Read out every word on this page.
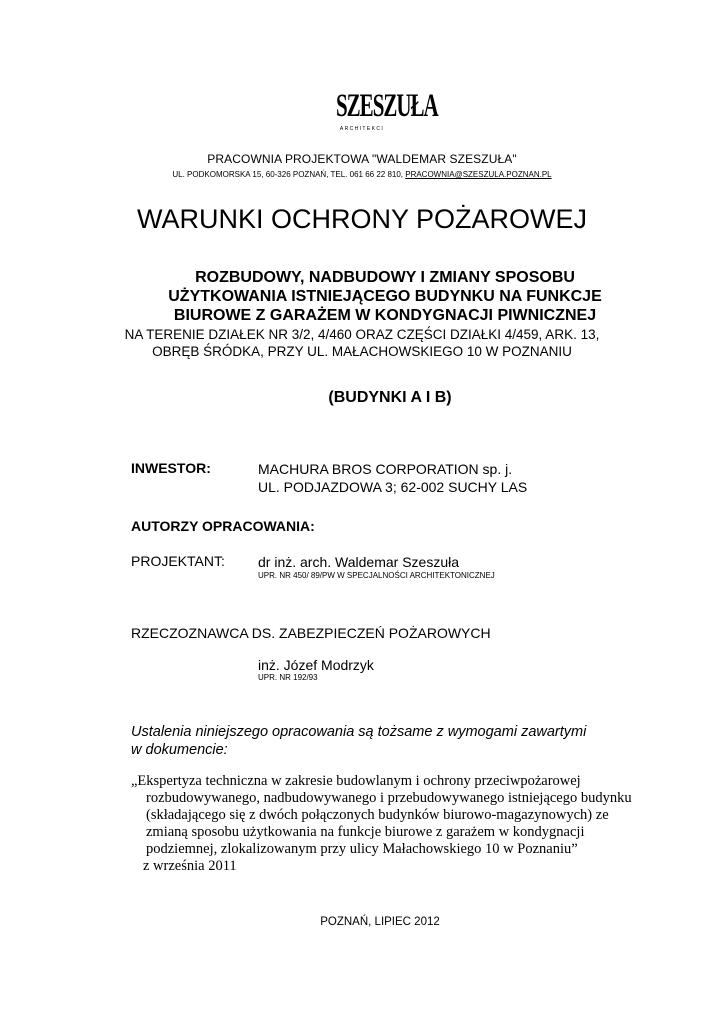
SZESZUŁA
ARCHITEKCI
PRACOWNIA PROJEKTOWA "WALDEMAR SZESZUŁA"
UL. PODKOMORSKA 15, 60-326 POZNAŃ, TEL. 061 66 22 810, PRACOWNIA@SZESZULA.POZNAN.PL
WARUNKI OCHRONY POŻAROWEJ
ROZBUDOWY, NADBUDOWY I ZMIANY SPOSOBU
UŻYTKOWANIA ISTNIEJĄCEGO BUDYNKU NA FUNKCJE
BIUROWE Z GARAŻEM W KONDYGNACJI PIWNICZNEJ
NA TERENIE DZIAŁEK NR 3/2, 4/460 ORAZ CZĘŚCI DZIAŁKI 4/459, ARK. 13,
OBRĘB ŚRÓDKA, PRZY UL. MAŁACHOWSKIEGO 10 W POZNANIU
(BUDYNKI A I B)
INWESTOR:	MACHURA BROS CORPORATION sp. j.
UL. PODJAZDOWA 3; 62-002 SUCHY LAS
AUTORZY OPRACOWANIA:
PROJEKTANT: dr inż. arch. Waldemar Szeszuła
UPR. NR 450/ 89/PW W SPECJALNOŚCI ARCHITEKTONICZNEJ
RZECZOZNAWCA DS. ZABEZPIECZEŃ POŻAROWYCH
inż. Józef Modrzyk
UPR. NR 192/93
Ustalenia niniejszego opracowania są tożsame z wymogami zawartymi
w dokumencie:
„Ekspertyza techniczna w zakresie budowlanym i ochrony przeciwpożarowej
rozbudowywanego, nadbudowywanego i przebudowywanego istniejącego budynku
(składającego się z dwóch połączonych budynków biurowo-magazynowych) ze
zmianą sposobu użytkowania na funkcje biurowe z garażem w kondygnacji
podziemnej, zlokalizowanym przy ulicy Małachowskiego 10 w Poznaniu”
z września 2011
POZNAŃ, LIPIEC 2012
